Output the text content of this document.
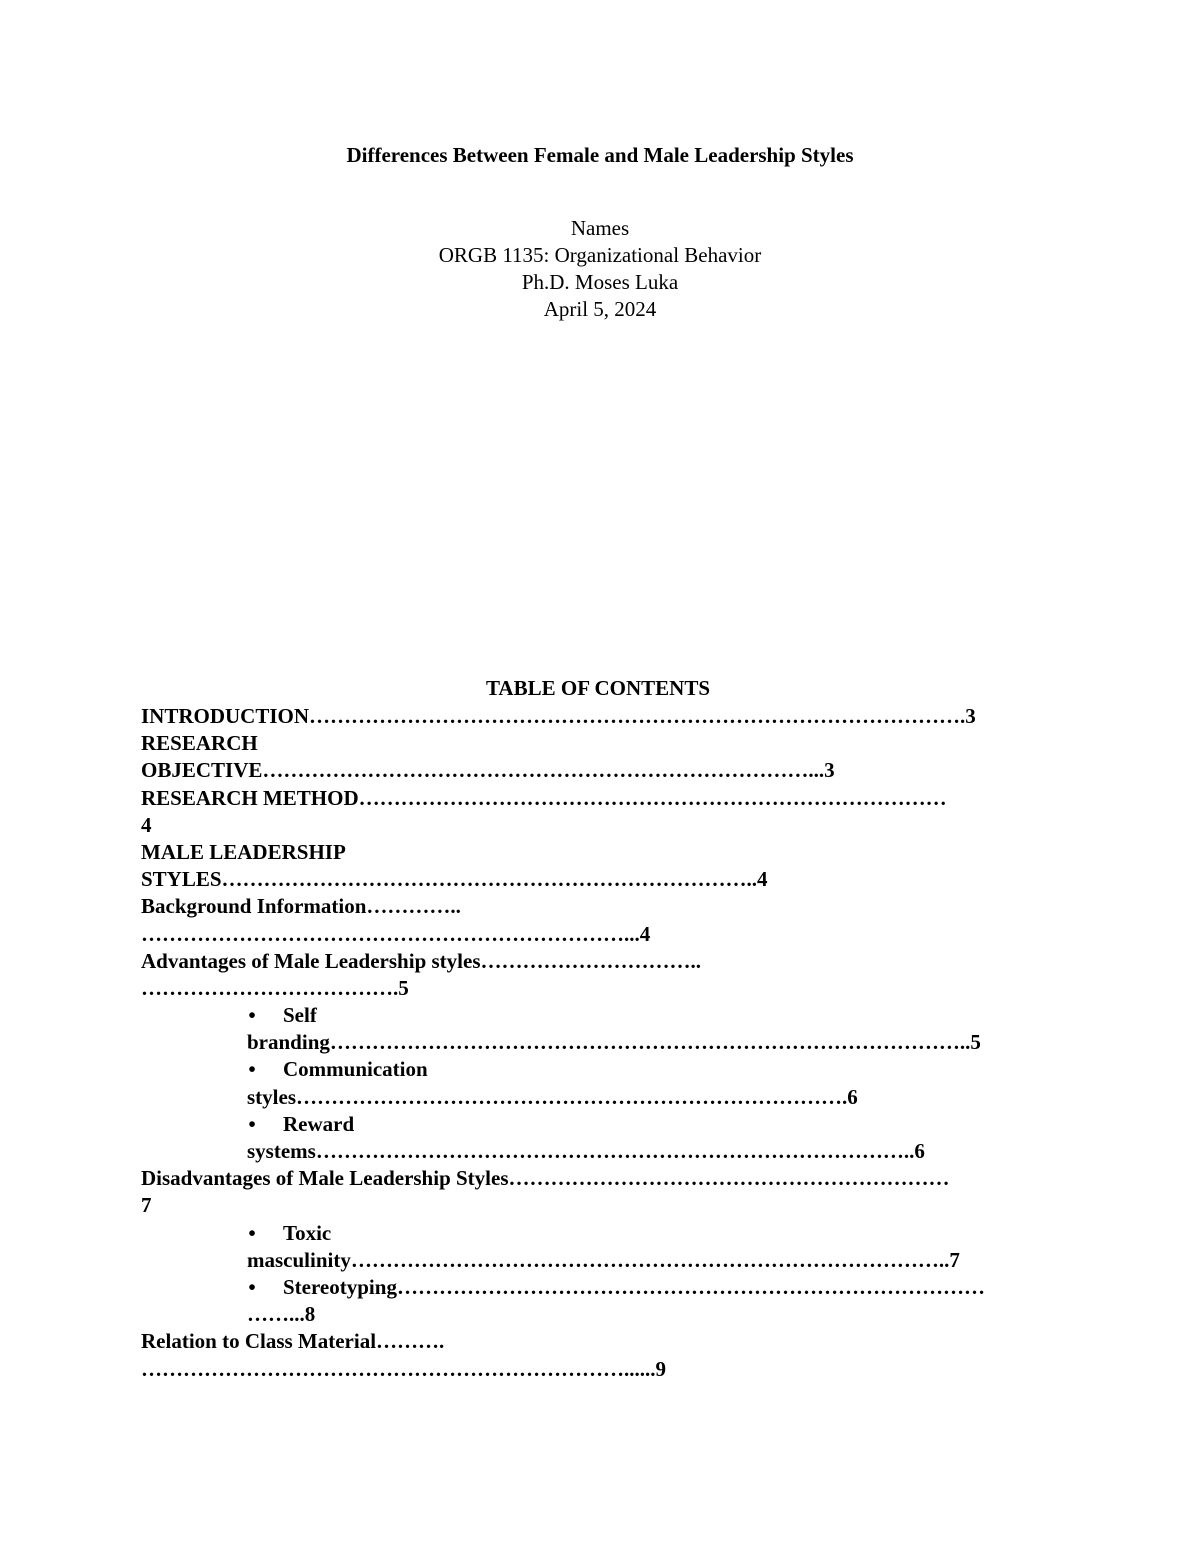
Differences Between Female and Male Leadership Styles
Names
ORGB 1135: Organizational Behavior
Ph.D. Moses Luka
April 5, 2024
TABLE OF CONTENTS
INTRODUCTION………………………………………………………………………………….3
RESEARCH
OBJECTIVE……………………………………………………………………...3
RESEARCH METHOD…………………………………………………………………………
4
MALE LEADERSHIP
STYLES…………………………………………………………………..4
Background Information…………..
……………………………………………………………...4
Advantages of Male Leadership styles…………………………..
……………………………….5
• Self
branding………………………………………………………………………………..5
• Communication
styles…………………………………………………………………….6
• Reward
systems…………………………………………………………………………..6
Disadvantages of Male Leadership Styles………………………………………………………
7
• Toxic
masculinity…………………………………………………………………………..7
• Stereotyping…………………………………………………………………………
……...8
Relation to Class Material……….
……………………………………………………………......9
